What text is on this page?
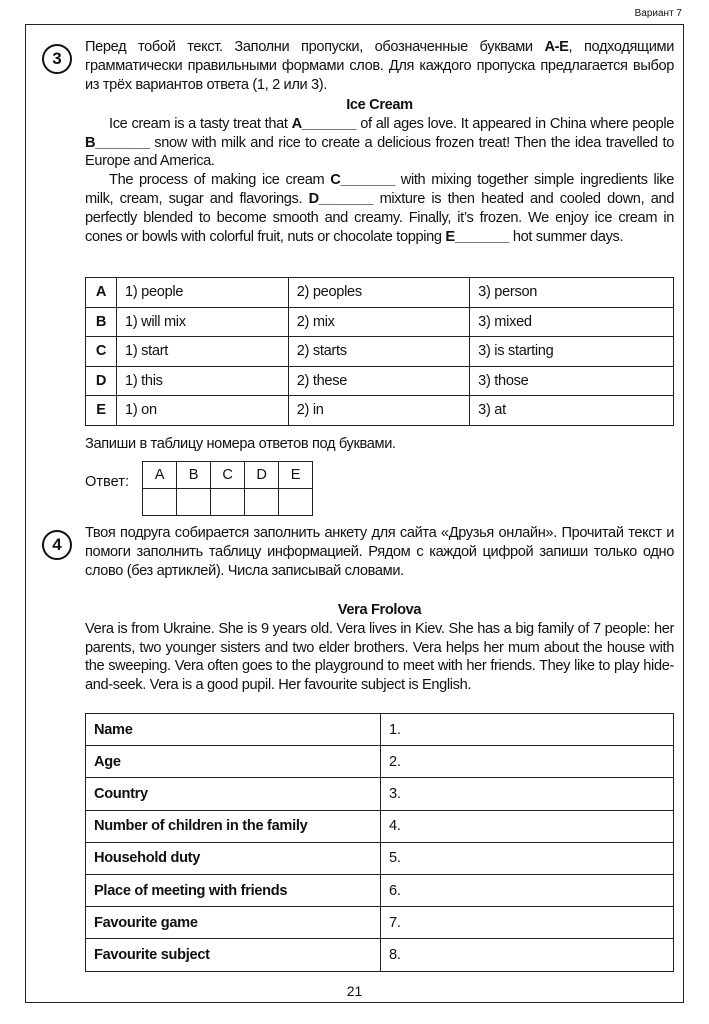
Вариант 7
3

Перед тобой текст. Заполни пропуски, обозначенные буквами A-E, подходящими грамматически правильными формами слов. Для каждого пропуска предлагается выбор из трёх вариантов ответа (1, 2 или 3).

Ice Cream

Ice cream is a tasty treat that A_______ of all ages love. It appeared in China where people B_______ snow with milk and rice to create a delicious frozen treat! Then the idea travelled to Europe and America.

The process of making ice cream C_______ with mixing together simple ingredients like milk, cream, sugar and flavorings. D_______ mixture is then heated and cooled down, and perfectly blended to become smooth and creamy. Finally, it’s frozen. We enjoy ice cream in cones or bowls with colorful fruit, nuts or chocolate topping E_______ hot summer days.

A	1) people	2) peoples	3) person
B	1) will mix	2) mix	3) mixed
C	1) start	2) starts	3) is starting
D	1) this	2) these	3) those
E	1) on	2) in	3) at
Запиши в таблицу номера ответов под буквами.
Ответ: A	B	C	D	E

4

Твоя подруга собирается заполнить анкету для сайта «Друзья онлайн». Прочитай текст и помоги заполнить таблицу информацией. Рядом с каждой цифрой запиши только одно слово (без артиклей). Числа записывай словами.

Vera Frolova

Vera is from Ukraine. She is 9 years old. Vera lives in Kiev. She has a big family of 7 people: her parents, two younger sisters and two elder brothers. Vera helps her mum about the house with the sweeping. Vera often goes to the playground to meet with her friends. They like to play hide-and-seek. Vera is a good pupil. Her favourite subject is English.

Name	1.
Age	2.
Country	3.
Number of children in the family	4.
Household duty	5.
Place of meeting with friends	6.
Favourite game	7.
Favourite subject	8.
21
